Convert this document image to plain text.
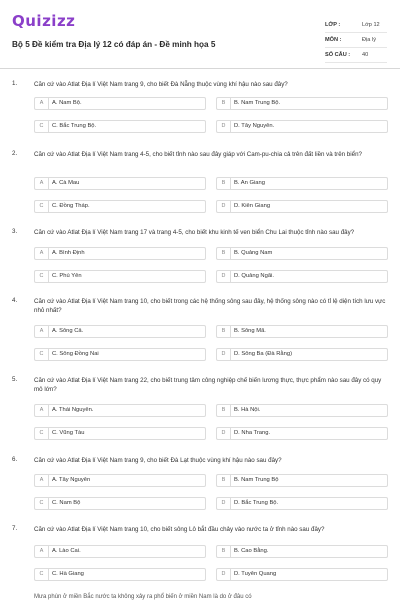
Quizizz
Bộ 5 Đề kiểm tra Địa lý 12 có đáp án - Đề minh họa 5
LỚP :	Lớp 12
MÔN :	Địa lý
SỐ CÂU : 40
1.	Căn cứ vào Atlat Địa lí Việt Nam trang 9, cho biết Đà Nẵng thuộc vùng khí hậu nào sau đây?
A	A. Nam Bộ.	B	B. Nam Trung Bộ.
C	C. Bắc Trung Bộ.	D	D. Tây Nguyên.
2.	Căn cứ vào Atlat Địa lí Việt Nam trang 4-5, cho biết tỉnh nào sau đây giáp với Cam-pu-chia cả trên đất liền và trên biển?
A	A. Cà Mau	B	B. An Giang
C	C. Đồng Tháp.	D	D. Kiên Giang
3.	Căn cứ vào Atlat Địa lí Việt Nam trang 17 và trang 4-5, cho biết khu kinh tế ven biển Chu Lai thuộc tỉnh nào sau đây?
A	A. Bình Định	B	B. Quảng Nam
C	C. Phú Yên	D	D. Quảng Ngãi.
4.	Căn cứ vào Atlat Địa lí Việt Nam trang 10, cho biết trong các hệ thống sông sau đây, hệ thống sông nào có tỉ lệ diện tích lưu vực nhỏ nhất?
A	A. Sông Cả.	B	B. Sông Mã.
C	C. Sông Đồng Nai	D	D. Sông Ba (Đà Rằng)
5.	Căn cứ vào Atlat Địa lí Việt Nam trang 22, cho biết trung tâm công nghiệp chế biến lương thực, thực phẩm nào sau đây có quy mô lớn?
A	A. Thái Nguyên.	B	B. Hà Nội.
C	C. Vũng Tàu	D	D. Nha Trang.
6.	Căn cứ vào Atlat Địa lí Việt Nam trang 9, cho biết Đà Lạt thuộc vùng khí hậu nào sau đây?
A	A. Tây Nguyên	B	B. Nam Trung Bộ
C	C. Nam Bộ	D	D. Bắc Trung Bộ.
7.	Căn cứ vào Atlat Địa lí Việt Nam trang 10, cho biết sông Lô bắt đầu chảy vào nước ta ở tỉnh nào sau đây?
A	A. Lào Cai.	B	B. Cao Bằng.
C	C. Hà Giang	D	D. Tuyên Quang
Mưa phùn ở miền Bắc nước ta không xảy ra phổ biến ở miền Nam là do ở đâu có
